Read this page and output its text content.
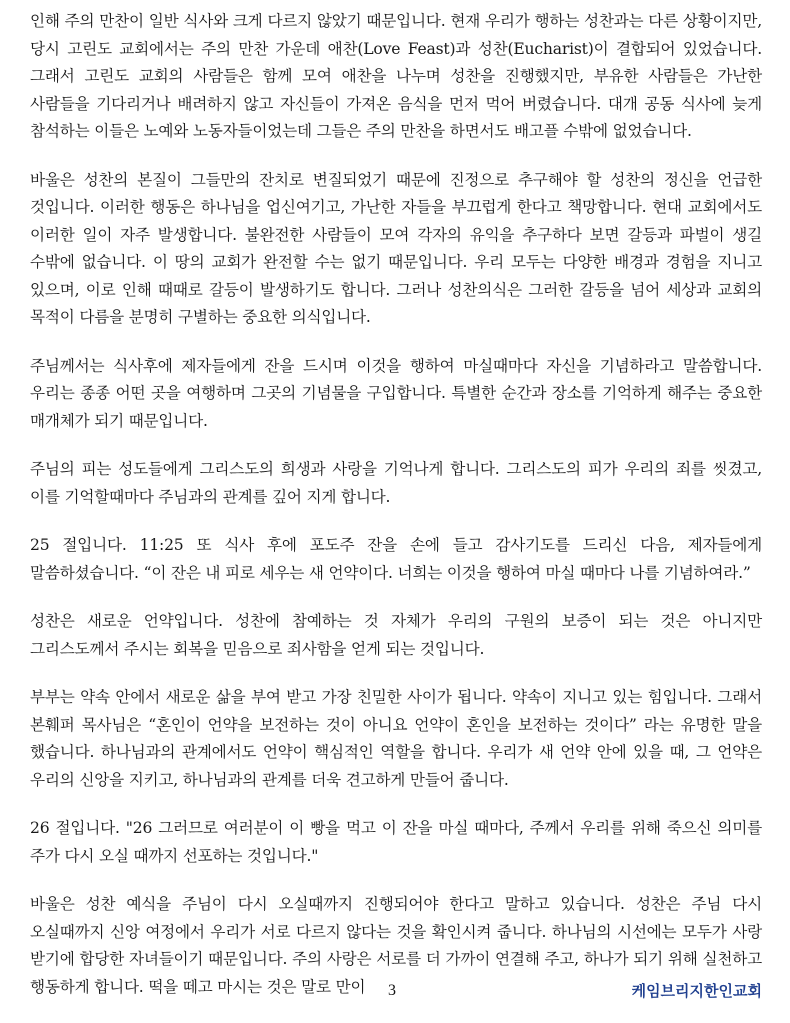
인해 주의 만찬이 일반 식사와 크게 다르지 않았기 때문입니다. 현재 우리가 행하는 성찬과는 다른 상황이지만, 당시 고린도 교회에서는 주의 만찬 가운데 애찬(Love Feast)과 성찬(Eucharist)이 결합되어 있었습니다. 그래서 고린도 교회의 사람들은 함께 모여 애찬을 나누며 성찬을 진행했지만, 부유한 사람들은 가난한 사람들을 기다리거나 배려하지 않고 자신들이 가져온 음식을 먼저 먹어 버렸습니다. 대개 공동 식사에 늦게 참석하는 이들은 노예와 노동자들이었는데 그들은 주의 만찬을 하면서도 배고플 수밖에 없었습니다.

바울은 성찬의 본질이 그들만의 잔치로 변질되었기 때문에 진정으로 추구해야 할 성찬의 정신을 언급한 것입니다. 이러한 행동은 하나님을 업신여기고, 가난한 자들을 부끄럽게 한다고 책망합니다. 현대 교회에서도 이러한 일이 자주 발생합니다. 불완전한 사람들이 모여 각자의 유익을 추구하다 보면 갈등과 파벌이 생길 수밖에 없습니다. 이 땅의 교회가 완전할 수는 없기 때문입니다. 우리 모두는 다양한 배경과 경험을 지니고 있으며, 이로 인해 때때로 갈등이 발생하기도 합니다. 그러나 성찬의식은 그러한 갈등을 넘어 세상과 교회의 목적이 다름을 분명히 구별하는 중요한 의식입니다.

주님께서는 식사후에 제자들에게 잔을 드시며 이것을 행하여 마실때마다 자신을 기념하라고 말씀합니다. 우리는 종종 어떤 곳을 여행하며 그곳의 기념물을 구입합니다. 특별한 순간과 장소를 기억하게 해주는 중요한 매개체가 되기 때문입니다.

주님의 피는 성도들에게 그리스도의 희생과 사랑을 기억나게 합니다. 그리스도의 피가 우리의 죄를 씻겼고, 이를 기억할때마다 주님과의 관계를 깊어 지게 합니다.

25 절입니다. 11:25 또 식사 후에 포도주 잔을 손에 들고 감사기도를 드리신 다음, 제자들에게 말씀하셨습니다. “이 잔은 내 피로 세우는 새 언약이다. 너희는 이것을 행하여 마실 때마다 나를 기념하여라.”

성찬은 새로운 언약입니다. 성찬에 참예하는 것 자체가 우리의 구원의 보증이 되는 것은 아니지만 그리스도께서 주시는 회복을 믿음으로 죄사함을 얻게 되는 것입니다.

부부는 약속 안에서 새로운 삶을 부여 받고 가장 친밀한 사이가 됩니다. 약속이 지니고 있는 힘입니다. 그래서 본훼퍼 목사님은 “혼인이 언약을 보전하는 것이 아니요 언약이 혼인을 보전하는 것이다” 라는 유명한 말을 했습니다. 하나님과의 관계에서도 언약이 핵심적인 역할을 합니다. 우리가 새 언약 안에 있을 때, 그 언약은 우리의 신앙을 지키고, 하나님과의 관계를 더욱 견고하게 만들어 줍니다.

26 절입니다. "26 그러므로 여러분이 이 빵을 먹고 이 잔을 마실 때마다, 주께서 우리를 위해 죽으신 의미를 주가 다시 오실 때까지 선포하는 것입니다."

바울은 성찬 예식을 주님이 다시 오실때까지 진행되어야 한다고 말하고 있습니다. 성찬은 주님 다시 오실때까지 신앙 여정에서 우리가 서로 다르지 않다는 것을 확인시켜 줍니다. 하나님의 시선에는 모두가 사랑 받기에 합당한 자녀들이기 때문입니다. 주의 사랑은 서로를 더 가까이 연결해 주고, 하나가 되기 위해 실천하고 행동하게 합니다. 떡을 떼고 마시는 것은 말로 만이	3	케임브리지한인교회
